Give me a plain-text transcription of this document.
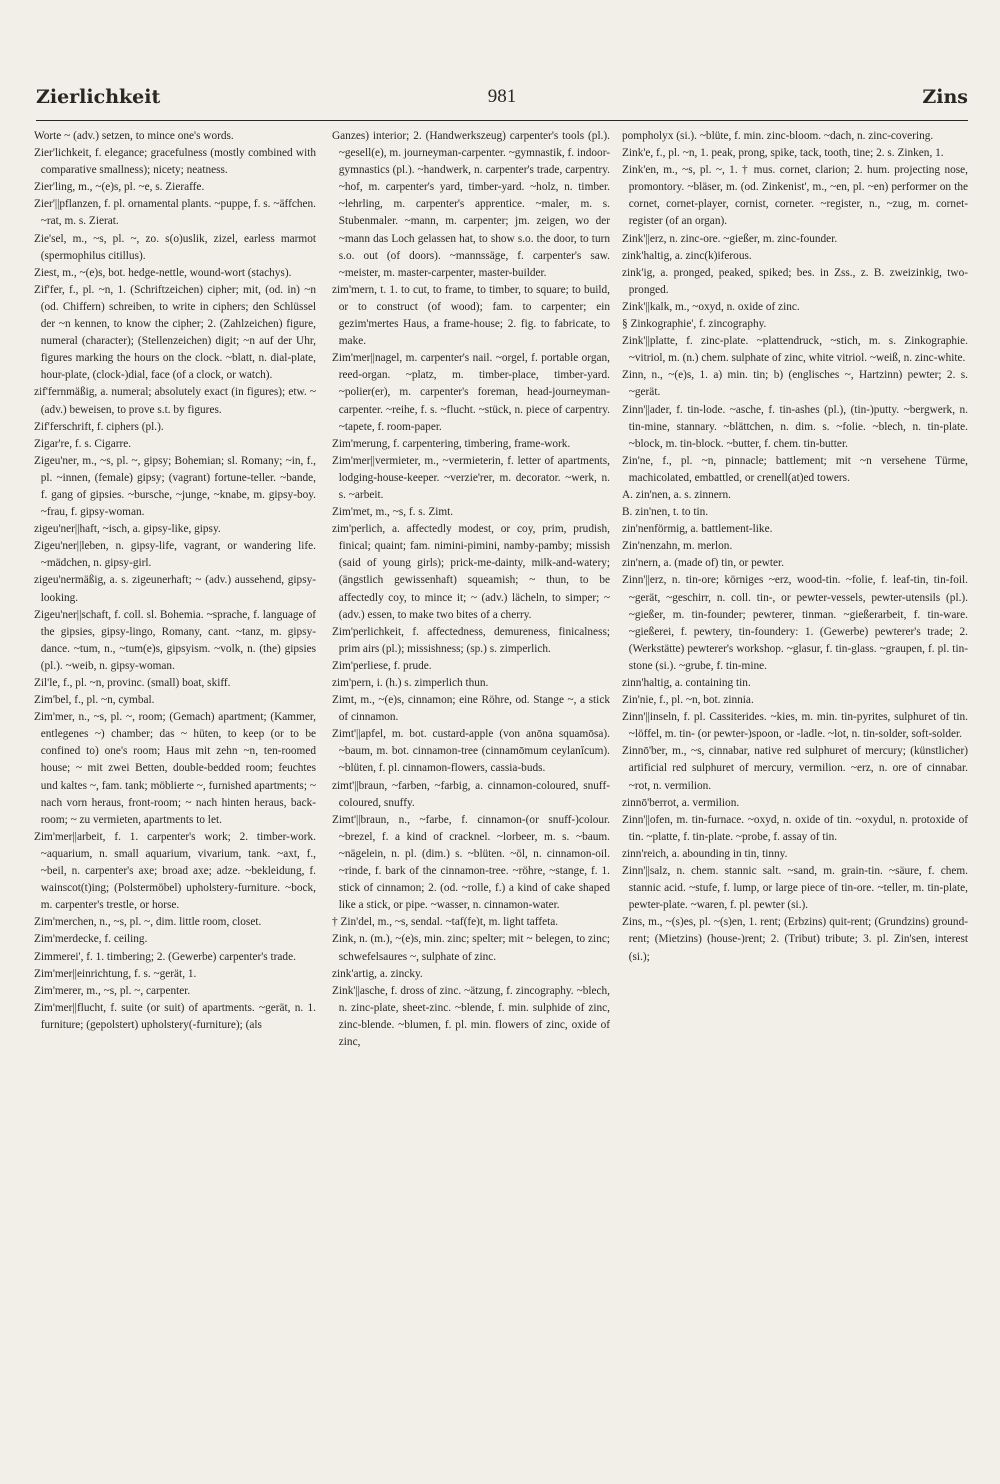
Zierlichkeit	981	Zins

Worte ~ (adv.) setzen, to mince one's words.

Zier'lichkeit, f. elegance; gracefulness (mostly combined with comparative smallness); nicety; neatness.

Zier'ling, m., ~(e)s, pl. ~e, s. Zieraffe.

Zier'||pflanzen, f. pl. ornamental plants. ~puppe, f. s. ~äffchen. ~rat, m. s. Zierat.

Zie'sel, m., ~s, pl. ~, zo. s(o)uslik, zizel, earless marmot (spermophilus citillus).

Ziest, m., ~(e)s, bot. hedge-nettle, wound-wort (stachys).

Zif'fer, f., pl. ~n, 1. (Schriftzeichen) cipher; mit, (od. in) ~n (od. Chiffern) schreiben, to write in ciphers; den Schlüssel der ~n kennen, to know the cipher; 2. (Zahlzeichen) figure, numeral (character); (Stellenzeichen) digit; ~n auf der Uhr, figures marking the hours on the clock. ~blatt, n. dial-plate, hour-plate, (clock-)dial, face (of a clock, or watch).

zif'fernmäßig, a. numeral; absolutely exact (in figures); etw. ~ (adv.) beweisen, to prove s.t. by figures.

Zif'ferschrift, f. ciphers (pl.).

Zigar're, f. s. Cigarre.

Zigeu'ner, m., ~s, pl. ~, gipsy; Bohemian; sl. Romany; ~in, f., pl. ~innen, (female) gipsy; (vagrant) fortune-teller. ~bande, f. gang of gipsies. ~bursche, ~junge, ~knabe, m. gipsy-boy. ~frau, f. gipsy-woman.

zigeu'ner||haft, ~isch, a. gipsy-like, gipsy.

Zigeu'ner||leben, n. gipsy-life, vagrant, or wandering life. ~mädchen, n. gipsy-girl.

zigeu'nermäßig, a. s. zigeunerhaft; ~ (adv.) aussehend, gipsy-looking.

Zigeu'ner||schaft, f. coll. sl. Bohemia. ~sprache, f. language of the gipsies, gipsy-lingo, Romany, cant. ~tanz, m. gipsy-dance. ~tum, n., ~tum(e)s, gipsyism. ~volk, n. (the) gipsies (pl.). ~weib, n. gipsy-woman.

Zil'le, f., pl. ~n, provinc. (small) boat, skiff.

Zim'bel, f., pl. ~n, cymbal.

Zim'mer, n., ~s, pl. ~, room; (Gemach) apartment; (Kammer, entlegenes ~) chamber; das ~ hüten, to keep (or to be confined to) one's room; Haus mit zehn ~n, ten-roomed house; ~ mit zwei Betten, double-bedded room; feuchtes und kaltes ~, fam. tank; möblierte ~, furnished apartments; ~ nach vorn heraus, front-room; ~ nach hinten heraus, back-room; ~ zu vermieten, apartments to let.

Zim'mer||arbeit, f. 1. carpenter's work; 2. timber-work. ~aquarium, n. small aquarium, vivarium, tank. ~axt, f., ~beil, n. carpenter's axe; broad axe; adze. ~bekleidung, f. wainscot(t)ing; (Polstermöbel) upholstery-furniture. ~bock, m. carpenter's trestle, or horse.

Zim'merchen, n., ~s, pl. ~, dim. little room, closet.

Zim'merdecke, f. ceiling.

Zimmerei', f. 1. timbering; 2. (Gewerbe) carpenter's trade.

Zim'mer||einrichtung, f. s. ~gerät, 1.

Zim'merer, m., ~s, pl. ~, carpenter.

Zim'mer||flucht, f. suite (or suit) of apartments. ~gerät, n. 1. furniture; (gepolstert) upholstery(-furniture); (als

Ganzes) interior; 2. (Handwerkszeug) carpenter's tools (pl.). ~gesell(e), m. journeyman-carpenter. ~gymnastik, f. indoor-gymnastics (pl.). ~handwerk, n. carpenter's trade, carpentry. ~hof, m. carpenter's yard, timber-yard. ~holz, n. timber. ~lehrling, m. carpenter's apprentice. ~maler, m. s. Stubenmaler. ~mann, m. carpenter; jm. zeigen, wo der ~mann das Loch gelassen hat, to show s.o. the door, to turn s.o. out (of doors). ~mannssäge, f. carpenter's saw. ~meister, m. master-carpenter, master-builder.

zim'mern, t. 1. to cut, to frame, to timber, to square; to build, or to construct (of wood); fam. to carpenter; ein gezim'mertes Haus, a frame-house; 2. fig. to fabricate, to make.

Zim'mer||nagel, m. carpenter's nail. ~orgel, f. portable organ, reed-organ. ~platz, m. timber-place, timber-yard. ~polier(er), m. carpenter's foreman, head-journeyman-carpenter. ~reihe, f. s. ~flucht. ~stück, n. piece of carpentry. ~tapete, f. room-paper.

Zim'merung, f. carpentering, timbering, frame-work.

Zim'mer||vermieter, m., ~vermieterin, f. letter of apartments, lodging-house-keeper. ~verzie'rer, m. decorator. ~werk, n. s. ~arbeit.

Zim'met, m., ~s, f. s. Zimt.

zim'perlich, a. affectedly modest, or coy, prim, prudish, finical; quaint; fam. nimini-pimini, namby-pamby; missish (said of young girls); prick-me-dainty, milk-and-watery; (ängstlich gewissenhaft) squeamish; ~ thun, to be affectedly coy, to mince it; ~ (adv.) lächeln, to simper; ~ (adv.) essen, to make two bites of a cherry.

Zim'perlichkeit, f. affectedness, demureness, finicalness; prim airs (pl.); missishness; (sp.) s. zimperlich.

Zim'perliese, f. prude.

zim'pern, i. (h.) s. zimperlich thun.

Zimt, m., ~(e)s, cinnamon; eine Röhre, od. Stange ~, a stick of cinnamon.

Zimt'||apfel, m. bot. custard-apple (von anōna squamōsa). ~baum, m. bot. cinnamon-tree (cinnamōmum ceylanĭcum). ~blüten, f. pl. cinnamon-flowers, cassia-buds.

zimt'||braun, ~farben, ~farbig, a. cinnamon-coloured, snuff-coloured, snuffy.

Zimt'||braun, n., ~farbe, f. cinnamon-(or snuff-)colour. ~brezel, f. a kind of cracknel. ~lorbeer, m. s. ~baum. ~nägelein, n. pl. (dim.) s. ~blüten. ~öl, n. cinnamon-oil. ~rinde, f. bark of the cinnamon-tree. ~röhre, ~stange, f. 1. stick of cinnamon; 2. (od. ~rolle, f.) a kind of cake shaped like a stick, or pipe. ~wasser, n. cinnamon-water.

† Zin'del, m., ~s, sendal. ~taf(fe)t, m. light taffeta.

Zink, n. (m.), ~(e)s, min. zinc; spelter; mit ~ belegen, to zinc; schwefelsaures ~, sulphate of zinc.

zink'artig, a. zincky.

Zink'||asche, f. dross of zinc. ~ätzung, f. zincography. ~blech, n. zinc-plate, sheet-zinc. ~blende, f. min. sulphide of zinc, zinc-blende. ~blumen, f. pl. min. flowers of zinc, oxide of zinc,

pompholyx (si.). ~blüte, f. min. zinc-bloom. ~dach, n. zinc-covering.

Zink'e, f., pl. ~n, 1. peak, prong, spike, tack, tooth, tine; 2. s. Zinken, 1.

Zink'en, m., ~s, pl. ~, 1. † mus. cornet, clarion; 2. hum. projecting nose, promontory. ~bläser, m. (od. Zinkenist', m., ~en, pl. ~en) performer on the cornet, cornet-player, cornist, corneter. ~register, n., ~zug, m. cornet-register (of an organ).

Zink'||erz, n. zinc-ore. ~gießer, m. zinc-founder.

zink'haltig, a. zinc(k)iferous.

zink'ig, a. pronged, peaked, spiked; bes. in Zss., z. B. zweizinkig, two-pronged.

Zink'||kalk, m., ~oxyd, n. oxide of zinc.

§ Zinkographie', f. zincography.

Zink'||platte, f. zinc-plate. ~plattendruck, ~stich, m. s. Zinkographie. ~vitriol, m. (n.) chem. sulphate of zinc, white vitriol. ~weiß, n. zinc-white.

Zinn, n., ~(e)s, 1. a) min. tin; b) (englisches ~, Hartzinn) pewter; 2. s. ~gerät.

Zinn'||ader, f. tin-lode. ~asche, f. tin-ashes (pl.), (tin-)putty. ~bergwerk, n. tin-mine, stannary. ~blättchen, n. dim. s. ~folie. ~blech, n. tin-plate. ~block, m. tin-block. ~butter, f. chem. tin-butter.

Zin'ne, f., pl. ~n, pinnacle; battlement; mit ~n versehene Türme, machicolated, embattled, or crenell(at)ed towers.

A. zin'nen, a. s. zinnern.

B. zin'nen, t. to tin.

zin'nenförmig, a. battlement-like.

Zin'nenzahn, m. merlon.

zin'nern, a. (made of) tin, or pewter.

Zinn'||erz, n. tin-ore; körniges ~erz, wood-tin. ~folie, f. leaf-tin, tin-foil. ~gerät, ~geschirr, n. coll. tin-, or pewter-vessels, pewter-utensils (pl.). ~gießer, m. tin-founder; pewterer, tinman. ~gießerarbeit, f. tin-ware. ~gießerei, f. pewtery, tin-foundery: 1. (Gewerbe) pewterer's trade; 2. (Werkstätte) pewterer's workshop. ~glasur, f. tin-glass. ~graupen, f. pl. tin-stone (si.). ~grube, f. tin-mine.

zinn'haltig, a. containing tin.

Zin'nie, f., pl. ~n, bot. zinnia.

Zinn'||inseln, f. pl. Cassiterides. ~kies, m. min. tin-pyrites, sulphuret of tin. ~löffel, m. tin- (or pewter-)spoon, or -ladle. ~lot, n. tin-solder, soft-solder.

Zinnō'ber, m., ~s, cinnabar, native red sulphuret of mercury; (künstlicher) artificial red sulphuret of mercury, vermilion. ~erz, n. ore of cinnabar. ~rot, n. vermilion.

zinnō'berrot, a. vermilion.

Zinn'||ofen, m. tin-furnace. ~oxyd, n. oxide of tin. ~oxydul, n. protoxide of tin. ~platte, f. tin-plate. ~probe, f. assay of tin.

zinn'reich, a. abounding in tin, tinny.

Zinn'||salz, n. chem. stannic salt. ~sand, m. grain-tin. ~säure, f. chem. stannic acid. ~stufe, f. lump, or large piece of tin-ore. ~teller, m. tin-plate, pewter-plate. ~waren, f. pl. pewter (si.).

Zins, m., ~(s)es, pl. ~(s)en, 1. rent; (Erbzins) quit-rent; (Grundzins) ground-rent; (Mietzins) (house-)rent; 2. (Tribut) tribute; 3. pl. Zin'sen, interest (si.);
